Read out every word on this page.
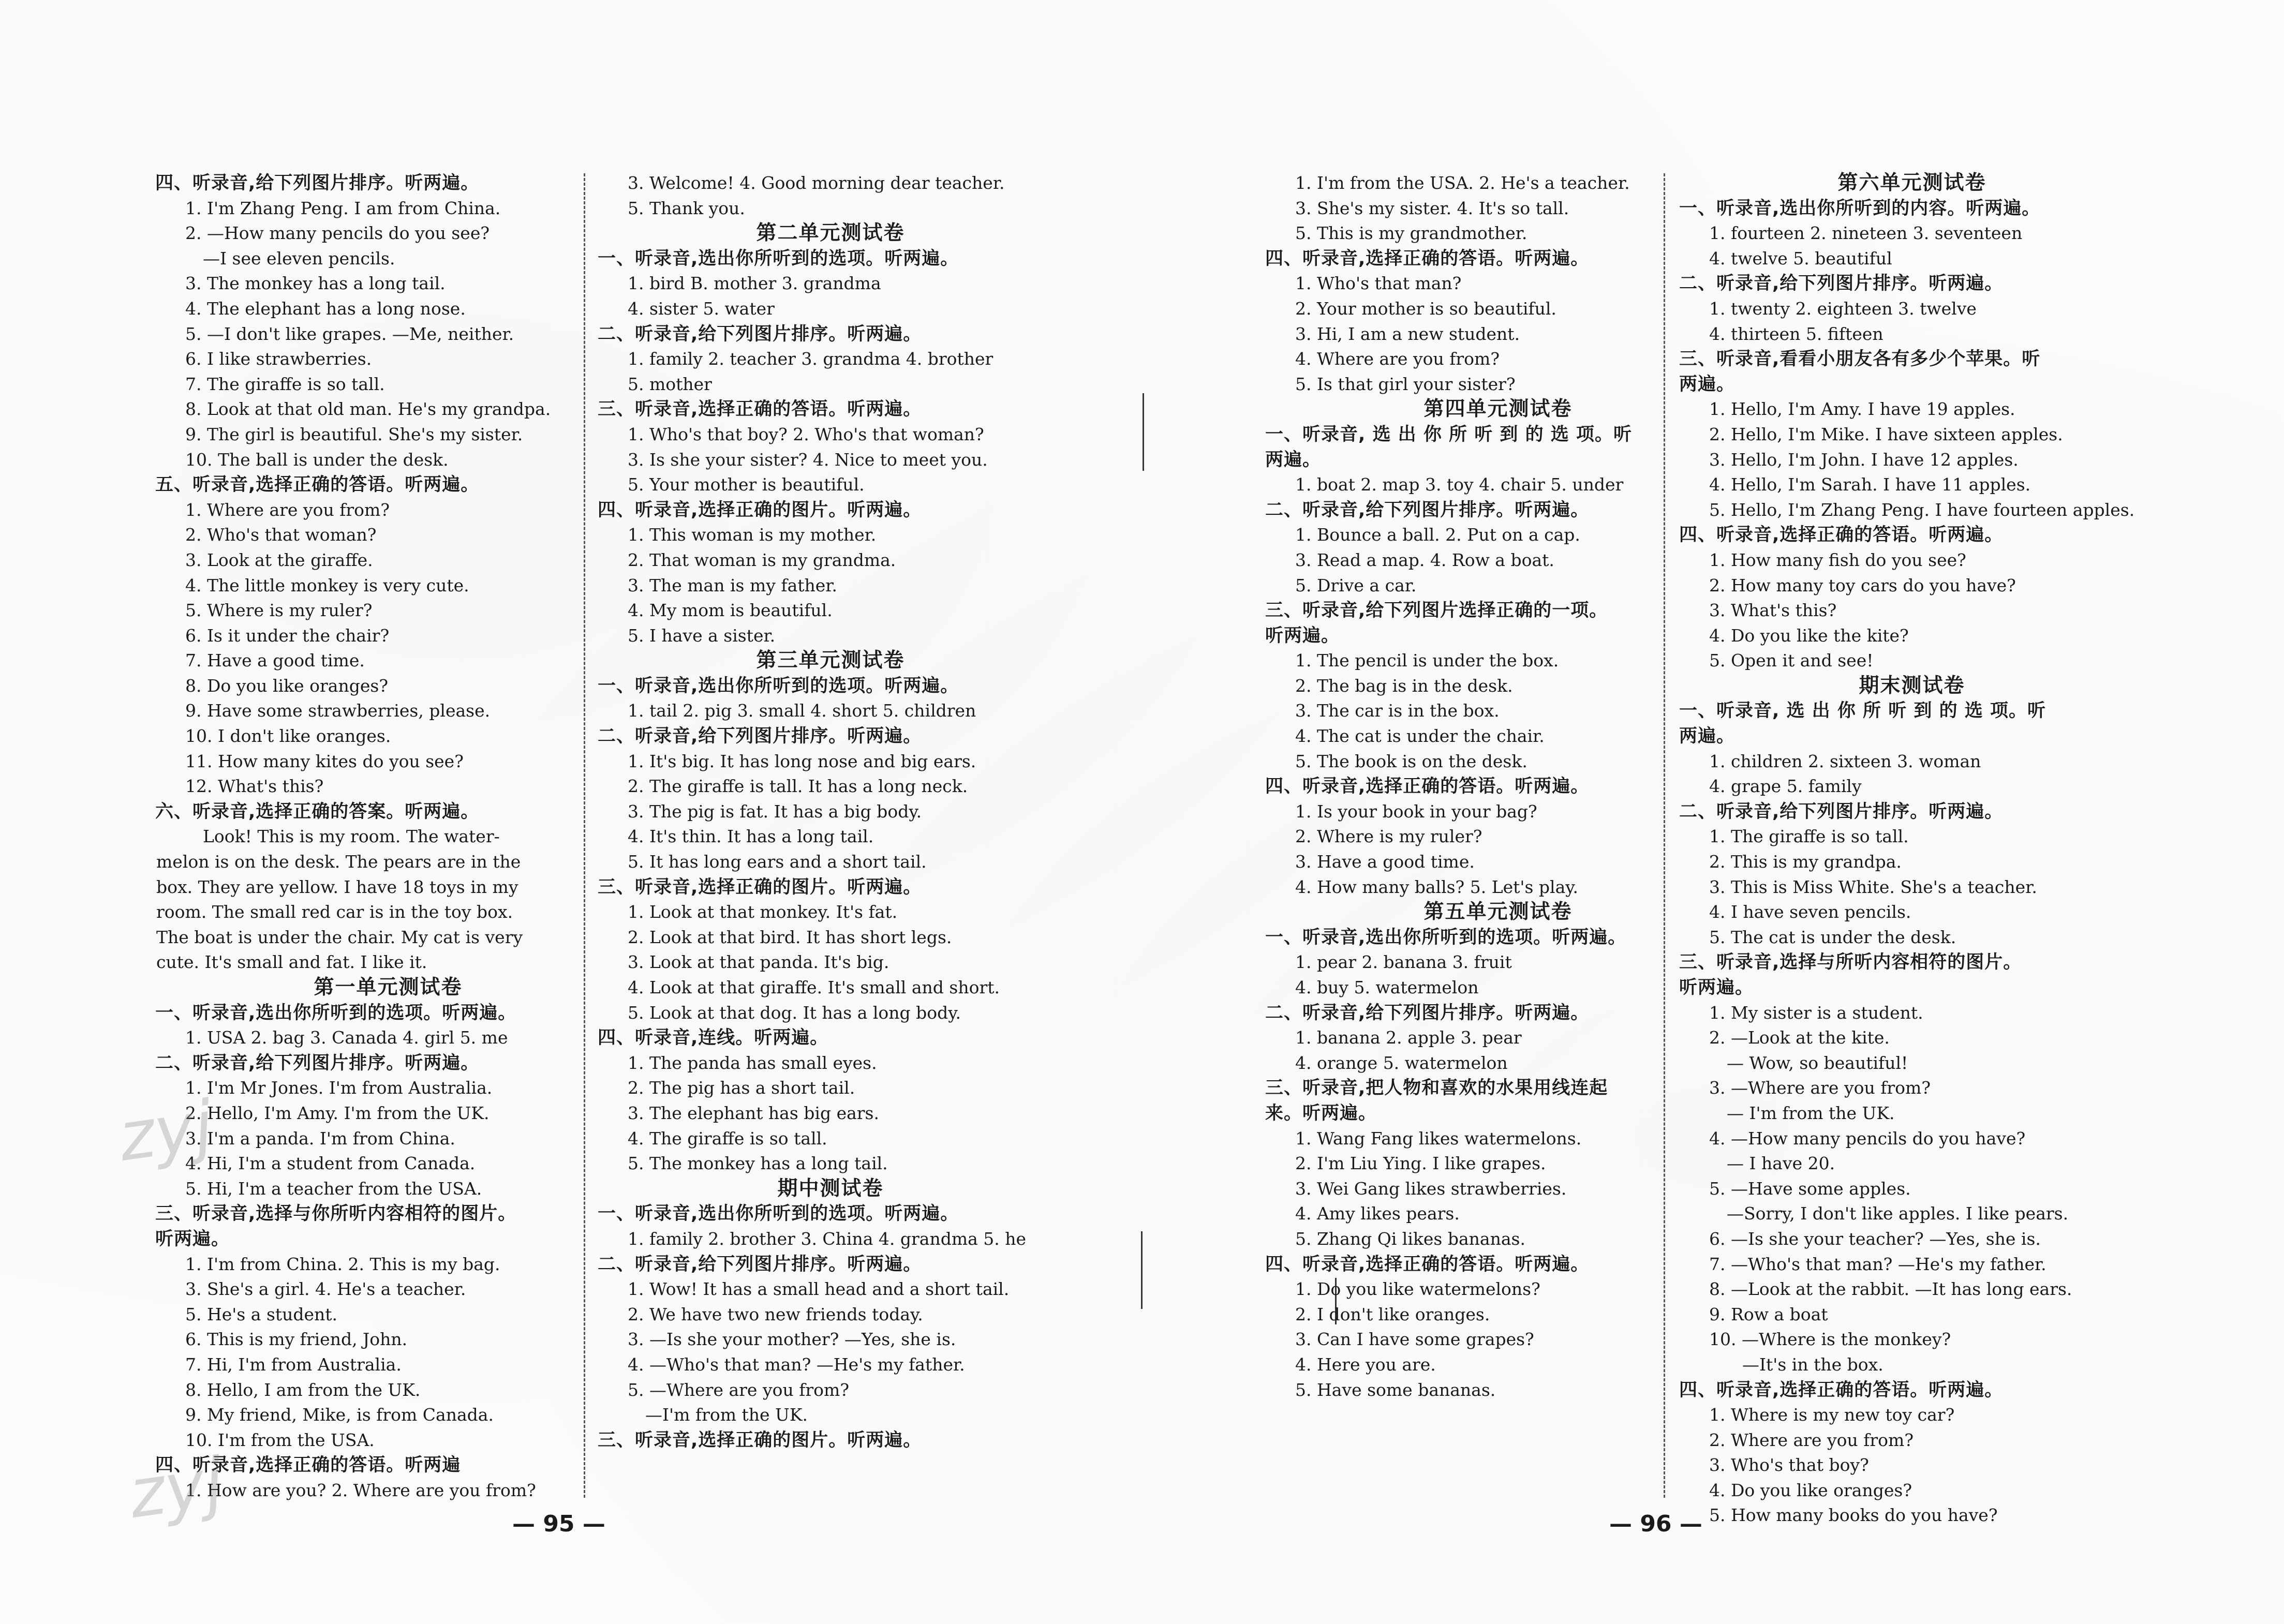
四、听录音,给下列图片排序。听两遍。
1. I'm Zhang Peng. I am from China.
2. —How many pencils do you see?
—I see eleven pencils.
3. The monkey has a long tail.
4. The elephant has a long nose.
5. —I don't like grapes. —Me, neither.
6. I like strawberries.
7. The giraffe is so tall.
8. Look at that old man. He's my grandpa.
9. The girl is beautiful. She's my sister.
10. The ball is under the desk.
五、听录音,选择正确的答语。听两遍。
1. Where are you from?
2. Who's that woman?
3. Look at the giraffe.
4. The little monkey is very cute.
5. Where is my ruler?
6. Is it under the chair?
7. Have a good time.
8. Do you like oranges?
9. Have some strawberries, please.
10. I don't like oranges.
11. How many kites do you see?
12. What's this?
六、听录音,选择正确的答案。听两遍。
Look! This is my room. The water-
melon is on the desk. The pears are in the
box. They are yellow. I have 18 toys in my
room. The small red car is in the toy box.
The boat is under the chair. My cat is very
cute. It's small and fat. I like it.
第一单元测试卷
一、听录音,选出你所听到的选项。听两遍。
1. USA 2. bag 3. Canada 4. girl 5. me
二、听录音,给下列图片排序。听两遍。
1. I'm Mr Jones. I'm from Australia.
2. Hello, I'm Amy. I'm from the UK.
3. I'm a panda. I'm from China.
4. Hi, I'm a student from Canada.
5. Hi, I'm a teacher from the USA.
三、听录音,选择与你所听内容相符的图片。
听两遍。
1. I'm from China. 2. This is my bag.
3. She's a girl. 4. He's a teacher.
5. He's a student.
6. This is my friend, John.
7. Hi, I'm from Australia.
8. Hello, I am from the UK.
9. My friend, Mike, is from Canada.
10. I'm from the USA.
四、听录音,选择正确的答语。听两遍
1. How are you? 2. Where are you from?
3. Welcome! 4. Good morning dear teacher.
5. Thank you.
第二单元测试卷
一、听录音,选出你所听到的选项。听两遍。
1. bird B. mother 3. grandma
4. sister 5. water
二、听录音,给下列图片排序。听两遍。
1. family 2. teacher 3. grandma 4. brother
5. mother
三、听录音,选择正确的答语。听两遍。
1. Who's that boy? 2. Who's that woman?
3. Is she your sister? 4. Nice to meet you.
5. Your mother is beautiful.
四、听录音,选择正确的图片。听两遍。
1. This woman is my mother.
2. That woman is my grandma.
3. The man is my father.
4. My mom is beautiful.
5. I have a sister.
第三单元测试卷
一、听录音,选出你所听到的选项。听两遍。
1. tail 2. pig 3. small 4. short 5. children
二、听录音,给下列图片排序。听两遍。
1. It's big. It has long nose and big ears.
2. The giraffe is tall. It has a long neck.
3. The pig is fat. It has a big body.
4. It's thin. It has a long tail.
5. It has long ears and a short tail.
三、听录音,选择正确的图片。听两遍。
1. Look at that monkey. It's fat.
2. Look at that bird. It has short legs.
3. Look at that panda. It's big.
4. Look at that giraffe. It's small and short.
5. Look at that dog. It has a long body.
四、听录音,连线。听两遍。
1. The panda has small eyes.
2. The pig has a short tail.
3. The elephant has big ears.
4. The giraffe is so tall.
5. The monkey has a long tail.
期中测试卷
一、听录音,选出你所听到的选项。听两遍。
1. family 2. brother 3. China 4. grandma 5. he
二、听录音,给下列图片排序。听两遍。
1. Wow! It has a small head and a short tail.
2. We have two new friends today.
3. —Is she your mother? —Yes, she is.
4. —Who's that man? —He's my father.
5. —Where are you from?
—I'm from the UK.
三、听录音,选择正确的图片。听两遍。
1. I'm from the USA. 2. He's a teacher.
3. She's my sister. 4. It's so tall.
5. This is my grandmother.
四、听录音,选择正确的答语。听两遍。
1. Who's that man?
2. Your mother is so beautiful.
3. Hi, I am a new student.
4. Where are you from?
5. Is that girl your sister?
第四单元测试卷
一、听录音, 选 出 你 所 听 到 的 选 项。听
两遍。
1. boat 2. map 3. toy 4. chair 5. under
二、听录音,给下列图片排序。听两遍。
1. Bounce a ball. 2. Put on a cap.
3. Read a map. 4. Row a boat.
5. Drive a car.
三、听录音,给下列图片选择正确的一项。
听两遍。
1. The pencil is under the box.
2. The bag is in the desk.
3. The car is in the box.
4. The cat is under the chair.
5. The book is on the desk.
四、听录音,选择正确的答语。听两遍。
1. Is your book in your bag?
2. Where is my ruler?
3. Have a good time.
4. How many balls? 5. Let's play.
第五单元测试卷
一、听录音,选出你所听到的选项。听两遍。
1. pear 2. banana 3. fruit
4. buy 5. watermelon
二、听录音,给下列图片排序。听两遍。
1. banana 2. apple 3. pear
4. orange 5. watermelon
三、听录音,把人物和喜欢的水果用线连起
来。听两遍。
1. Wang Fang likes watermelons.
2. I'm Liu Ying. I like grapes.
3. Wei Gang likes strawberries.
4. Amy likes pears.
5. Zhang Qi likes bananas.
四、听录音,选择正确的答语。听两遍。
1. Do you like watermelons?
2. I don't like oranges.
3. Can I have some grapes?
4. Here you are.
5. Have some bananas.
第六单元测试卷
一、听录音,选出你所听到的内容。听两遍。
1. fourteen 2. nineteen 3. seventeen
4. twelve 5. beautiful
二、听录音,给下列图片排序。听两遍。
1. twenty 2. eighteen 3. twelve
4. thirteen 5. fifteen
三、听录音,看看小朋友各有多少个苹果。听
两遍。
1. Hello, I'm Amy. I have 19 apples.
2. Hello, I'm Mike. I have sixteen apples.
3. Hello, I'm John. I have 12 apples.
4. Hello, I'm Sarah. I have 11 apples.
5. Hello, I'm Zhang Peng. I have fourteen apples.
四、听录音,选择正确的答语。听两遍。
1. How many fish do you see?
2. How many toy cars do you have?
3. What's this?
4. Do you like the kite?
5. Open it and see!
期末测试卷
一、听录音, 选 出 你 所 听 到 的 选 项。听
两遍。
1. children 2. sixteen 3. woman
4. grape 5. family
二、听录音,给下列图片排序。听两遍。
1. The giraffe is so tall.
2. This is my grandpa.
3. This is Miss White. She's a teacher.
4. I have seven pencils.
5. The cat is under the desk.
三、听录音,选择与所听内容相符的图片。
听两遍。
1. My sister is a student.
2. —Look at the kite.
— Wow, so beautiful!
3. —Where are you from?
— I'm from the UK.
4. —How many pencils do you have?
— I have 20.
5. —Have some apples.
—Sorry, I don't like apples. I like pears.
6. —Is she your teacher? —Yes, she is.
7. —Who's that man? —He's my father.
8. —Look at the rabbit. —It has long ears.
9. Row a boat
10. —Where is the monkey?
—It's in the box.
四、听录音,选择正确的答语。听两遍。
1. Where is my new toy car?
2. Where are you from?
3. Who's that boy?
4. Do you like oranges?
5. How many books do you have?
— 95 —	— 96 —
zyj
zyj
